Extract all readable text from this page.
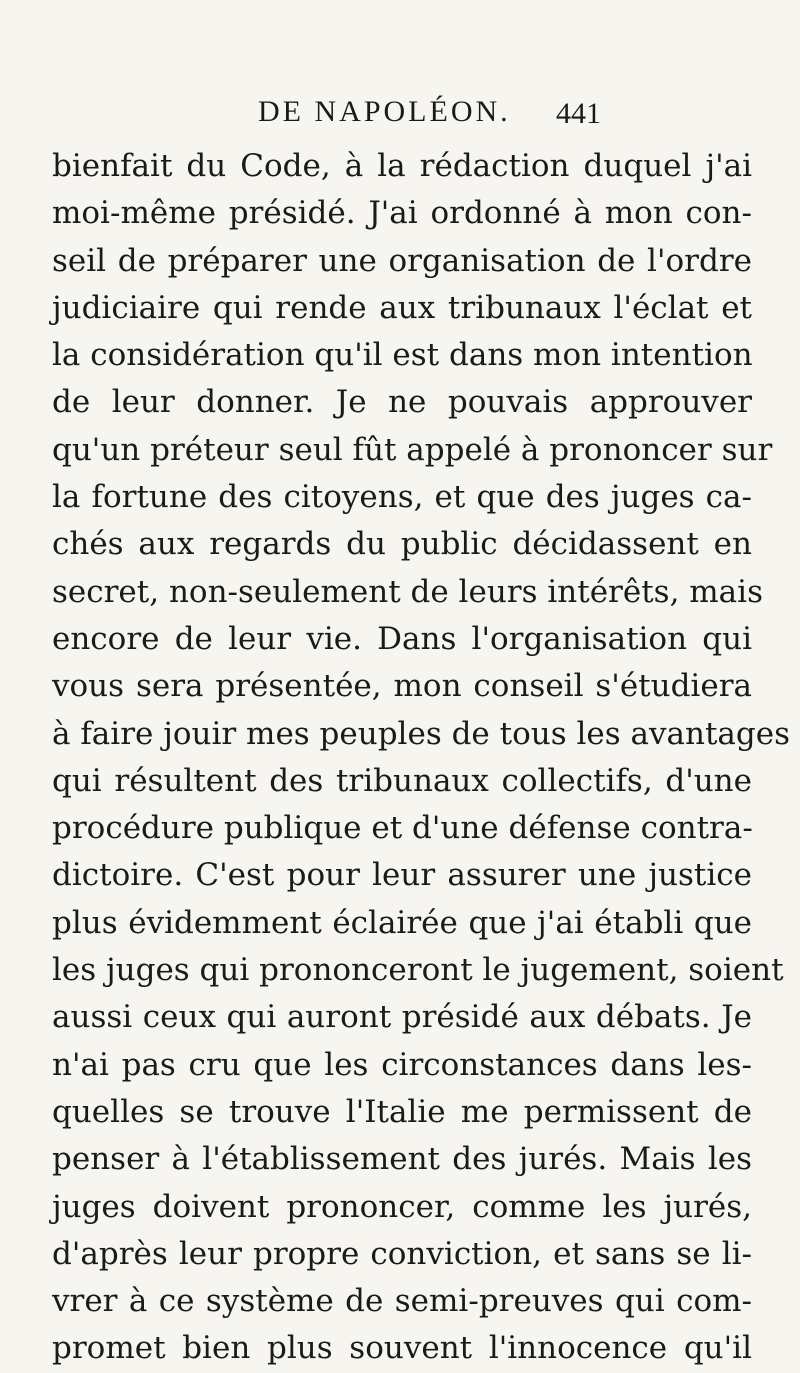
DE NAPOLÉON. 441
bienfait du Code, à la rédaction duquel j'ai
moi-même présidé. J'ai ordonné à mon con-
seil de préparer une organisation de l'ordre
judiciaire qui rende aux tribunaux l'éclat et
la considération qu'il est dans mon intention
de leur donner. Je ne pouvais approuver
qu'un préteur seul fût appelé à prononcer sur
la fortune des citoyens, et que des juges ca-
chés aux regards du public décidassent en
secret, non-seulement de leurs intérêts, mais
encore de leur vie. Dans l'organisation qui
vous sera présentée, mon conseil s'étudiera
à faire jouir mes peuples de tous les avantages
qui résultent des tribunaux collectifs, d'une
procédure publique et d'une défense contra-
dictoire. C'est pour leur assurer une justice
plus évidemment éclairée que j'ai établi que
les juges qui prononceront le jugement, soient
aussi ceux qui auront présidé aux débats. Je
n'ai pas cru que les circonstances dans les-
quelles se trouve l'Italie me permissent de
penser à l'établissement des jurés. Mais les
juges doivent prononcer, comme les jurés,
d'après leur propre conviction, et sans se li-
vrer à ce système de semi-preuves qui com-
promet bien plus souvent l'innocence qu'il
